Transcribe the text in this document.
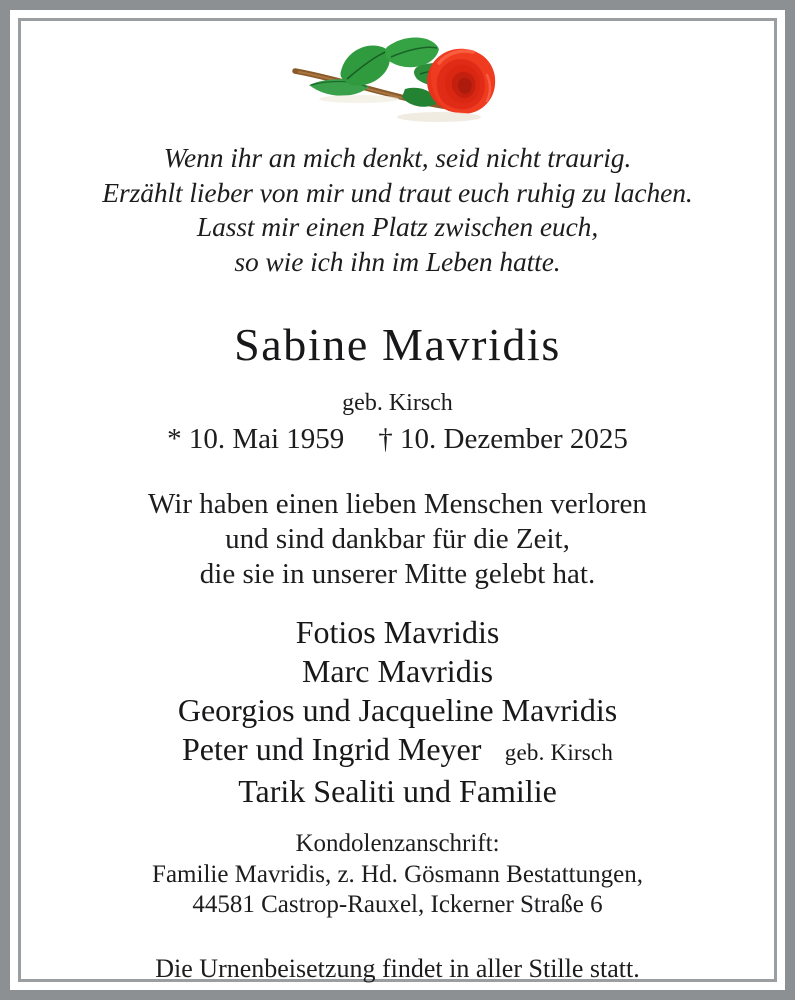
Wenn ihr an mich denkt, seid nicht traurig.
Erzählt lieber von mir und traut euch ruhig zu lachen.
Lasst mir einen Platz zwischen euch,
so wie ich ihn im Leben hatte.
Sabine Mavridis
geb. Kirsch
* 10. Mai 1959 † 10. Dezember 2025
Wir haben einen lieben Menschen verloren
und sind dankbar für die Zeit,
die sie in unserer Mitte gelebt hat.
Fotios Mavridis
Marc Mavridis
Georgios und Jacqueline Mavridis
Peter und Ingrid Meyer  geb. Kirsch
Tarik Sealiti und Familie
Kondolenzanschrift:
Familie Mavridis, z. Hd. Gösmann Bestattungen,
44581 Castrop-Rauxel, Ickerner Straße 6
Die Urnenbeisetzung findet in aller Stille statt.
